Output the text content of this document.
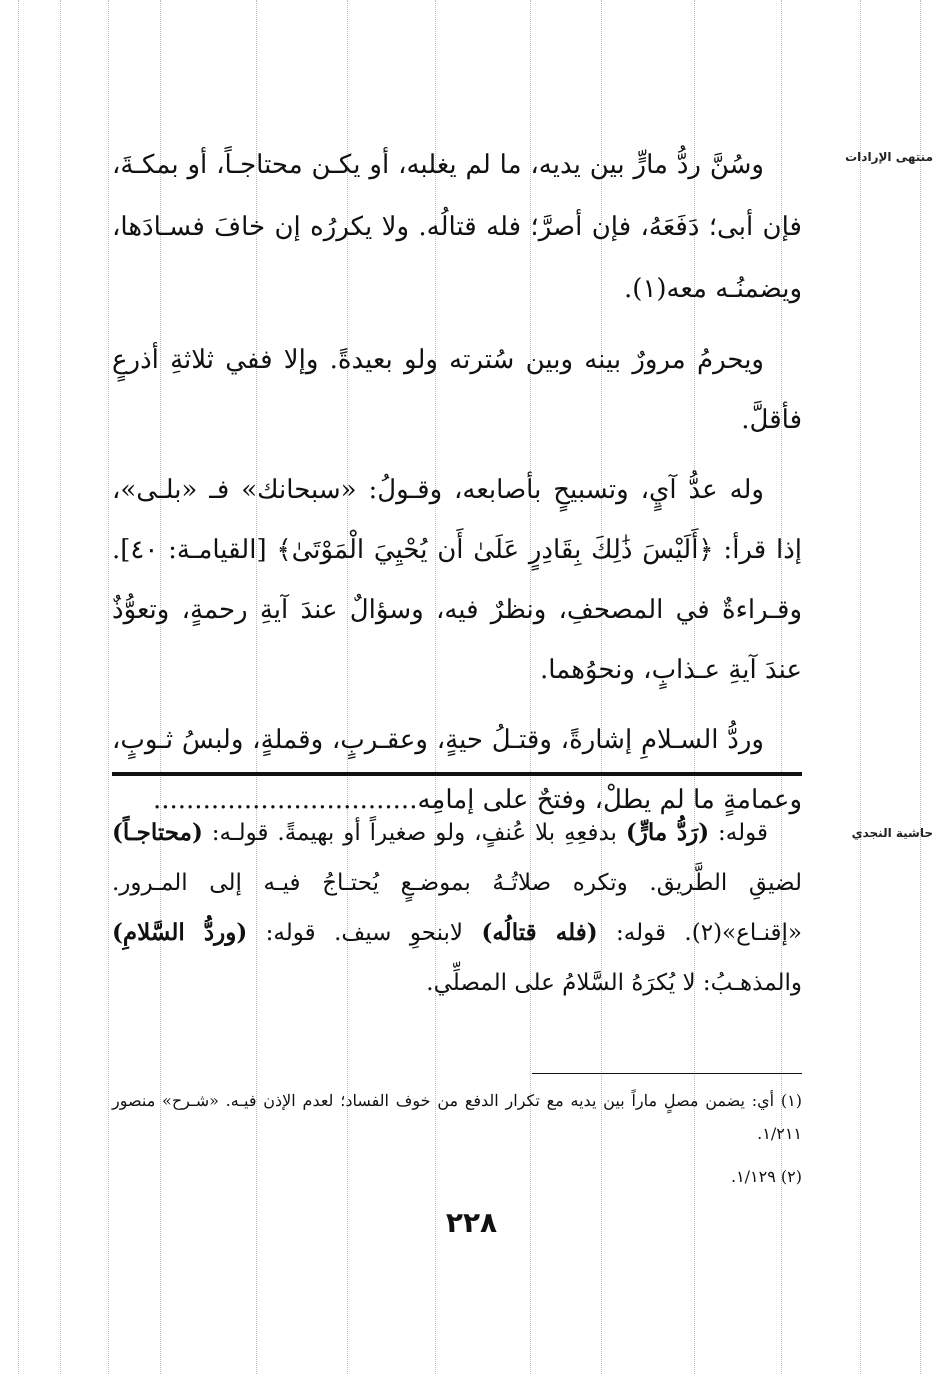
منتهى الإرادات
حاشية النجدي

وسُنَّ ردُّ مارٍّ بين يديه، ما لم يغلبه، أو يكـن محتاجـاً، أو بمكـةَ، فإن أبى؛ دَفَعَهُ، فإن أصرَّ؛ فله قتالُه. ولا يكررُه إن خافَ فسـادَها، ويضمنُـه معه(١).

ويحرمُ مرورٌ بينه وبين سُترته ولو بعيدةً. وإلا ففي ثلاثةِ أذرعٍ فأقلَّ.

وله عدُّ آيٍ، وتسبيحٍ بأصابعه، وقـولُ: «سبحانك» فـ «بلـى»، إذا قرأ: ﴿أَلَيْسَ ذَٰلِكَ بِقَادِرٍ عَلَىٰ أَن يُحْيِيَ الْمَوْتَىٰ﴾ [القيامـة: ٤٠]. وقـراءةٌ في المصحفِ، ونظرٌ فيه، وسؤالٌ عندَ آيةِ رحمةٍ، وتعوُّذٌ عندَ آيةِ عـذابٍ، ونحوُهما.

وردُّ السـلامِ إشارةً، وقتـلُ حيةٍ، وعقـربٍ، وقملةٍ، ولبسُ ثـوبٍ، وعمامةٍ ما لم يطلْ، وفتحٌ على إمامِه................................

قوله: (رَدُّ مارٍّ) بدفعِهِ بلا عُنفٍ، ولو صغيراً أو بهيمةً. قولـه: (محتاجـاً) لضيقِ الطَّريق. وتكره صلاتُـهُ بموضـعٍ يُحتـاجُ فيـه إلى المـرور. «إقنـاع»(٢). قوله: (فله قتالُه) لابنحوِ سيف. قوله: (وردُّ السَّلامِ) والمذهـبُ: لا يُكرَهُ السَّلامُ على المصلِّي.

(١) أي: يضمن مصلٍ ماراً بين يديه مع تكرار الدفع من خوف الفساد؛ لعدم الإذن فيـه. «شـرح» منصور ١/٢١١.

(٢) ١/١٢٩.

٢٢٨
